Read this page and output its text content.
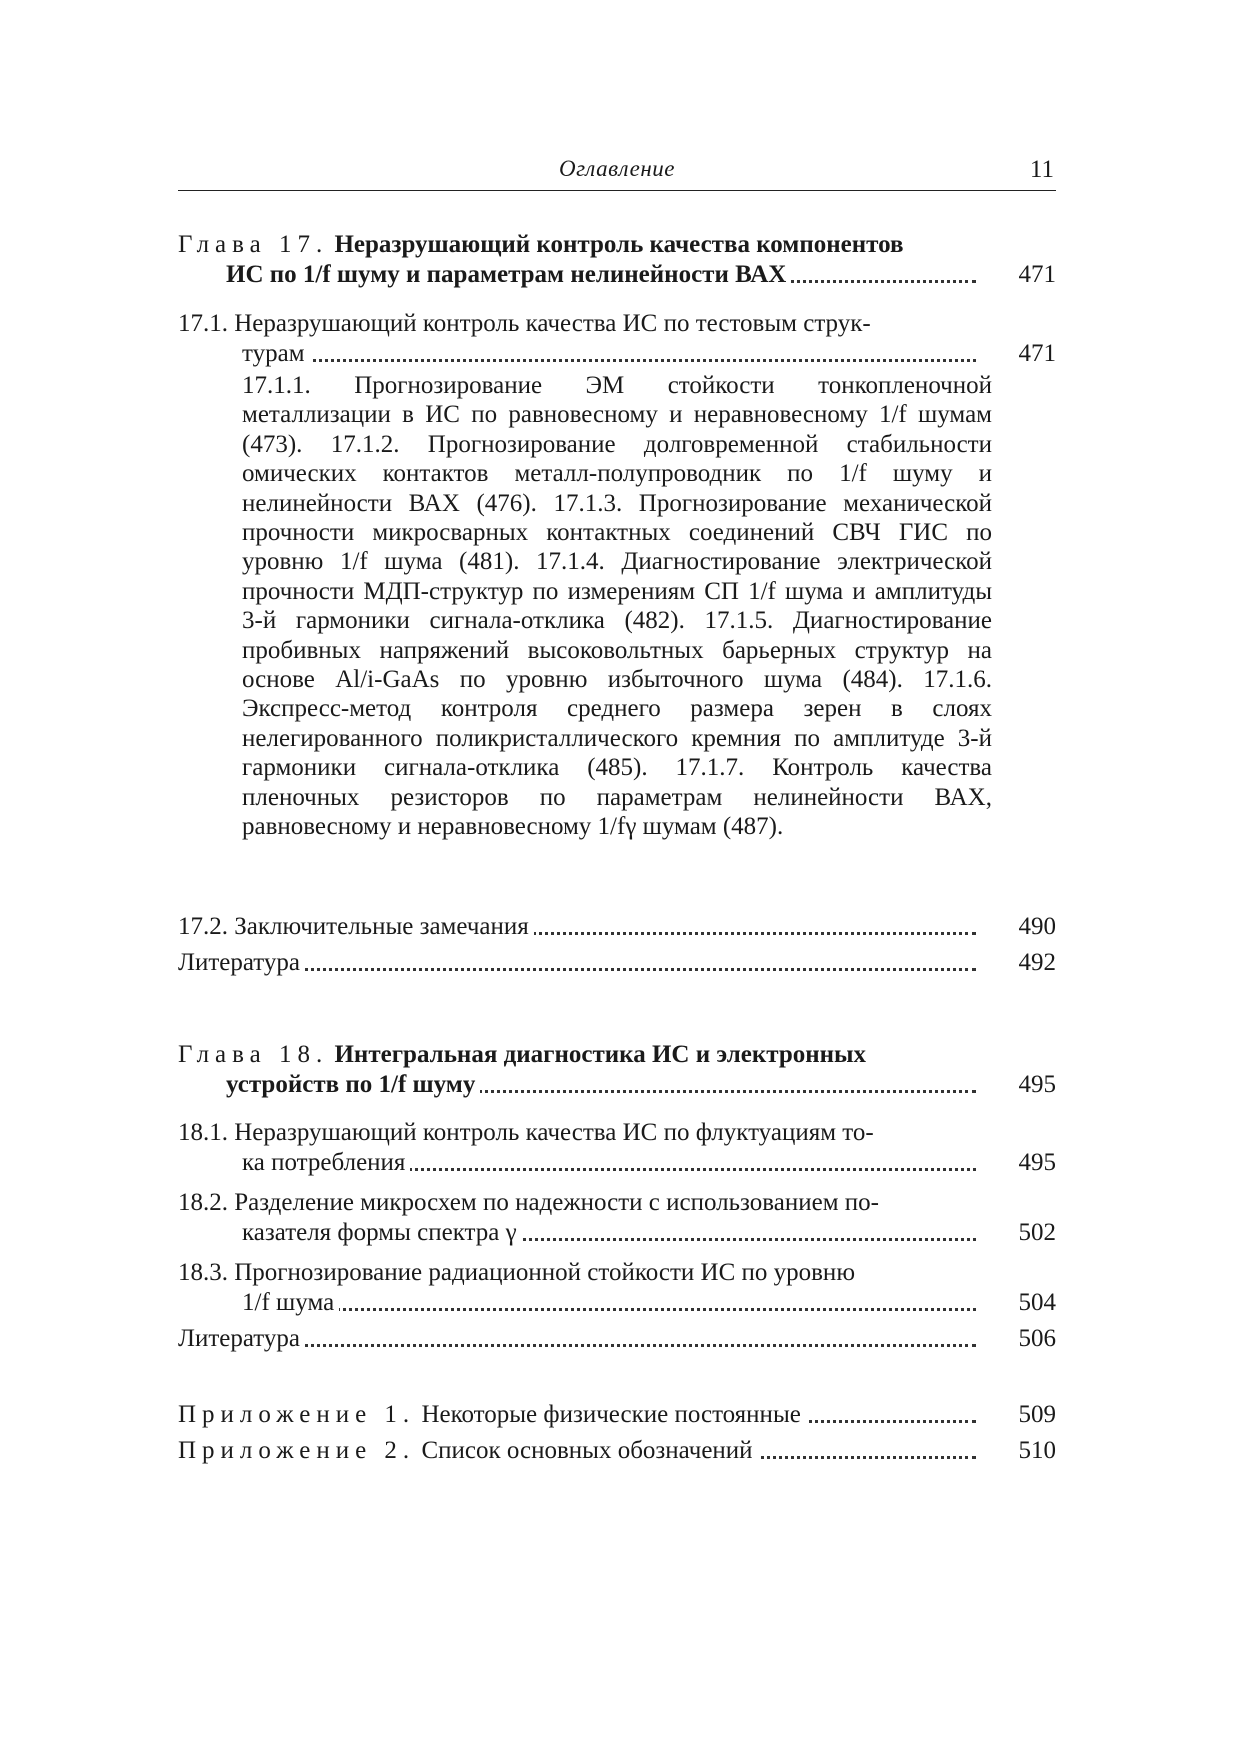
Оглавление	11
Глава 17. Неразрушающий контроль качества компонентов
ИС по 1/f шуму и параметрам нелинейности ВАХ	471
17.1. Неразрушающий контроль качества ИС по тестовым струк-
турам	471
17.1.1. Прогнозирование ЭМ стойкости тонкопленочной металлизации в ИС по равновесному и неравновесному 1/f шумам (473). 17.1.2. Прогнозирование долговременной стабильности омических контактов металл-полупроводник по 1/f шуму и нелинейности ВАХ (476). 17.1.3. Прогнозирование механической прочности микросварных контактных соединений СВЧ ГИС по уровню 1/f шума (481). 17.1.4. Диагностирование электрической прочности МДП-структур по измерениям СП 1/f шума и амплитуды 3-й гармоники сигнала-отклика (482). 17.1.5. Диагностирование пробивных напряжений высоковольтных барьерных структур на основе Al/i-GaAs по уровню избыточного шума (484). 17.1.6. Экспресс-метод контроля среднего размера зерен в слоях нелегированного поликристаллического кремния по амплитуде 3-й гармоники сигнала-отклика (485). 17.1.7. Контроль качества пленочных резисторов по параметрам нелинейности ВАХ, равновесному и неравновесному 1/fγ шумам (487).
17.2. Заключительные замечания	490
Литература	492
Глава 18. Интегральная диагностика ИС и электронных
устройств по 1/f шуму	495
18.1. Неразрушающий контроль качества ИС по флуктуациям то-
ка потребления	495
18.2. Разделение микросхем по надежности с использованием по-
казателя формы спектра γ	502
18.3. Прогнозирование радиационной стойкости ИС по уровню
1/f шума	504
Литература	506
Приложение 1. Некоторые физические постоянные	509
Приложение 2. Список основных обозначений	510
